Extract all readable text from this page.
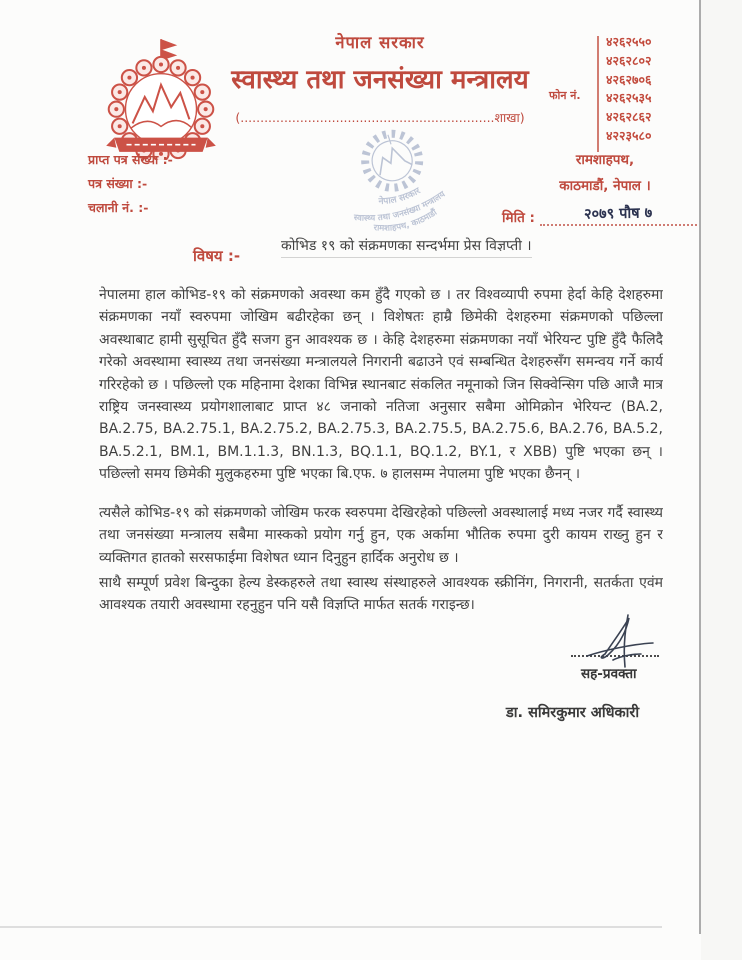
नेपाल सरकार
स्वास्थ्य तथा जनसंख्या मन्त्रालय
(................................................................शाखा)
फोन नं.
४२६२५५०
४२६२८०२
४२६२७०६
४२६२५३५
४२६२८६२
४२२३५८०
प्राप्त पत्र संख्या :-
पत्र संख्या :-
चलानी नं. :-	नेपाल सरकार
स्वास्थ्य तथा जनसंख्या मन्त्रालय
रामशाहपथ, काठमाडौं
रामशाहपथ,
काठमाडौं, नेपाल ।
मिति :	२०७९ पौष ७
विषय :-
कोभिड १९ को संक्रमणका सन्दर्भमा प्रेस विज्ञप्ती ।
नेपालमा हाल कोभिड-१९ को संक्रमणको अवस्था कम हुँदै गएको छ । तर विश्वव्यापी रुपमा हेर्दा केहि देशहरुमा संक्रमणका नयाँ स्वरुपमा जोखिम बढीरहेका छन् । विशेषतः हाम्रै छिमेकी देशहरुमा संक्रमणको पछिल्ला अवस्थाबाट हामी सुसूचित हुँदै सजग हुन आवश्यक छ । केहि देशहरुमा संक्रमणका नयाँ भेरियन्ट पुष्टि हुँदै फैलिदै गरेको अवस्थामा स्वास्थ्य तथा जनसंख्या मन्त्रालयले निगरानी बढाउने एवं सम्बन्धित देशहरुसँग समन्वय गर्ने कार्य गरिरहेको छ । पछिल्लो एक महिनामा देशका विभिन्न स्थानबाट संकलित नमूनाको जिन सिक्वेन्सिग पछि आजै मात्र राष्ट्रिय जनस्वास्थ्य प्रयोगशालाबाट प्राप्त ४८ जनाको नतिजा अनुसार सबैमा ओमिक्रोन भेरियन्ट (BA.2, BA.2.75, BA.2.75.1, BA.2.75.2, BA.2.75.3, BA.2.75.5, BA.2.75.6, BA.2.76, BA.5.2, BA.5.2.1, BM.1, BM.1.1.3, BN.1.3, BQ.1.1, BQ.1.2, BY.1, र XBB) पुष्टि भएका छन् ।पछिल्लो समय छिमेकी मुलुकहरुमा पुष्टि भएका बि.एफ. ७ हालसम्म नेपालमा पुष्टि भएका छैनन् ।
त्यसैले कोभिड-१९ को संक्रमणको जोखिम फरक स्वरुपमा देखिरहेको पछिल्लो अवस्थालाई मध्य नजर गर्दै स्वास्थ्य तथा जनसंख्या मन्त्रालय सबैमा मास्कको प्रयोग गर्नु हुन, एक अर्कामा भौतिक रुपमा दुरी कायम राख्नु हुन र व्यक्तिगत हातको सरसफाईमा विशेषत ध्यान दिनुहुन हार्दिक अनुरोध छ ।
साथै सम्पूर्ण प्रवेश बिन्दुका हेल्य डेस्कहरुले तथा स्वास्थ संस्थाहरुले आवश्यक स्क्रीनिंग, निगरानी, सतर्कता एवंम आवश्यक तयारी अवस्थामा रहनुहुन पनि यसै विज्ञप्ति मार्फत सतर्क गराइन्छ।
सह-प्रवक्ता
डा. समिरकुमार अधिकारी
